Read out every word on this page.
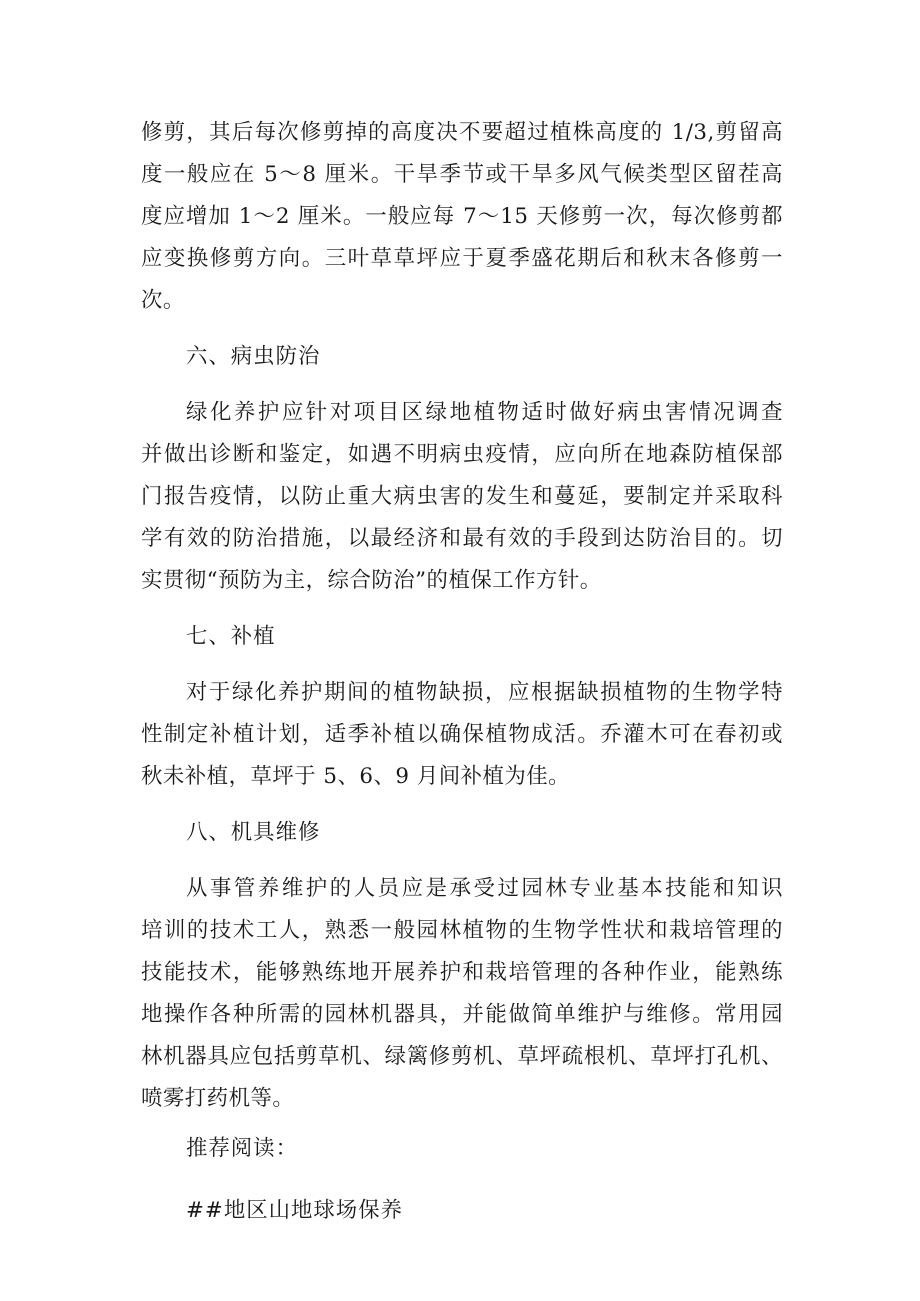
修剪，其后每次修剪掉的高度决不要超过植株高度的 1/3,剪留高
度一般应在 5～8 厘米。干旱季节或干旱多风气候类型区留茬高
度应增加 1～2 厘米。一般应每 7～15 天修剪一次，每次修剪都
应变换修剪方向。三叶草草坪应于夏季盛花期后和秋末各修剪一
次。
六、病虫防治
绿化养护应针对项目区绿地植物适时做好病虫害情况调查
并做出诊断和鉴定，如遇不明病虫疫情，应向所在地森防植保部
门报告疫情，以防止重大病虫害的发生和蔓延，要制定并采取科
学有效的防治措施，以最经济和最有效的手段到达防治目的。切
实贯彻“预防为主，综合防治”的植保工作方针。
七、补植
对于绿化养护期间的植物缺损，应根据缺损植物的生物学特
性制定补植计划，适季补植以确保植物成活。乔灌木可在春初或
秋未补植，草坪于 5、6、9 月间补植为佳。
八、机具维修
从事管养维护的人员应是承受过园林专业基本技能和知识
培训的技术工人，熟悉一般园林植物的生物学性状和栽培管理的
技能技术，能够熟练地开展养护和栽培管理的各种作业，能熟练
地操作各种所需的园林机器具，并能做简单维护与维修。常用园
林机器具应包括剪草机、绿篱修剪机、草坪疏根机、草坪打孔机、
喷雾打药机等。
推荐阅读：
##地区山地球场保养
